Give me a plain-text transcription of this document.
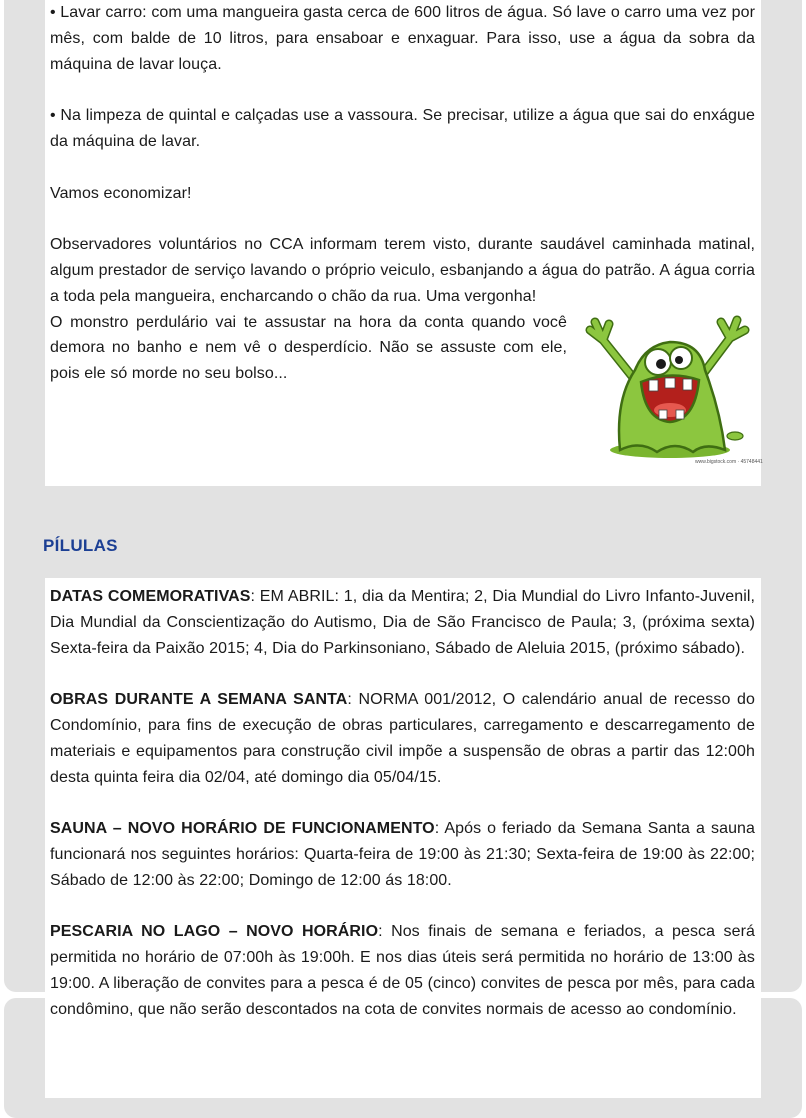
• Lavar carro: com uma mangueira gasta cerca de 600 litros de água. Só lave o carro uma vez por mês, com balde de 10 litros, para ensaboar e enxaguar. Para isso, use a água da sobra da máquina de lavar louça.

• Na limpeza de quintal e calçadas use a vassoura. Se precisar, utilize a água que sai do enxágue da máquina de lavar.

Vamos economizar!

Observadores voluntários no CCA informam terem visto, durante saudável caminhada matinal, algum prestador de serviço lavando o próprio veiculo, esbanjando a água do patrão. A água corria a toda pela mangueira, encharcando o chão da rua. Uma vergonha!

www.bigstock.com · 45748441

O monstro perdulário vai te assustar na hora da conta quando você demora no banho e nem vê o desperdício. Não se assuste com ele, pois ele só morde no seu bolso...

PÍLULAS

DATAS COMEMORATIVAS: EM ABRIL: 1, dia da Mentira; 2, Dia Mundial do Livro Infanto-Juvenil, Dia Mundial da Conscientização do Autismo, Dia de São Francisco de Paula; 3, (próxima sexta) Sexta-feira da Paixão 2015; 4, Dia do Parkinsoniano, Sábado de Aleluia 2015, (próximo sábado).

OBRAS DURANTE A SEMANA SANTA: NORMA 001/2012, O calendário anual de recesso do Condomínio, para fins de execução de obras particulares, carregamento e descarregamento de materiais e equipamentos para construção civil impõe a suspensão de obras a partir das 12:00h desta quinta feira dia 02/04, até domingo dia 05/04/15.

SAUNA – NOVO HORÁRIO DE FUNCIONAMENTO: Após o feriado da Semana Santa a sauna funcionará nos seguintes horários: Quarta-feira de 19:00 às 21:30; Sexta-feira de 19:00 às 22:00; Sábado de 12:00 às 22:00; Domingo de 12:00 ás 18:00.

PESCARIA NO LAGO – NOVO HORÁRIO: Nos finais de semana e feriados, a pesca será permitida no horário de 07:00h às 19:00h. E nos dias úteis será permitida no horário de 13:00 às 19:00. A liberação de convites para a pesca é de 05 (cinco) convites de pesca por mês, para cada condômino, que não serão descontados na cota de convites normais de acesso ao condomínio.
